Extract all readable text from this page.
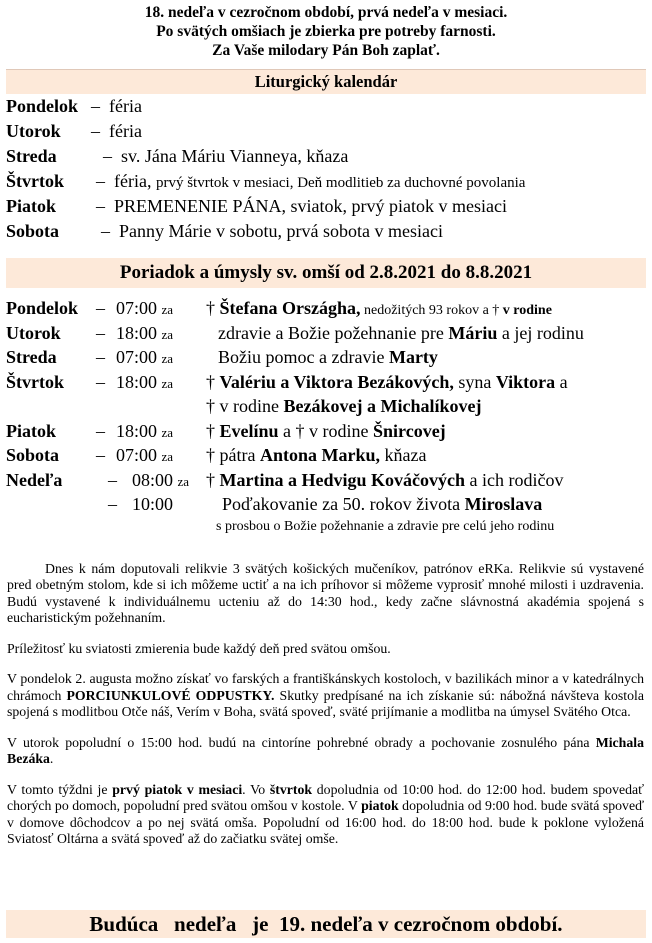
18. nedeľa v cezročnom období, prvá nedeľa v mesiaci.
Po svätých omšiach je zbierka pre potreby farnosti.
Za Vaše milodary Pán Boh zaplať.
Liturgický kalendár
Pondelok – féria
Utorok – féria
Streda	– sv. Jána Máriu Vianneya, kňaza
Štvrtok – féria, prvý štvrtok v mesiaci, Deň modlitieb za duchovné povolania
Piatok – PREMENENIE PÁNA, sviatok, prvý piatok v mesiaci
Sobota – Panny Márie v sobotu, prvá sobota v mesiaci
Poriadok a úmysly sv. omší od 2.8.2021 do 8.8.2021
Pondelok – 07:00 za † Štefana Országha, nedožitých 93 rokov a † v rodine
Utorok – 18:00 za zdravie a Božie požehnanie pre Máriu a jej rodinu
Streda – 07:00 za Božiu pomoc a zdravie Marty
Štvrtok – 18:00 za † Valériu a Viktora Bezákových, syna Viktora a
† v rodine Bezákovej a Michalíkovej
Piatok – 18:00 za † Evelínu a † v rodine Šnircovej
Sobota – 07:00 za † pátra Antona Marku, kňaza
Nedeľa	– 08:00 za † Martina a Hedvigu Kováčových a ich rodičov
– 10:00	Poďakovanie za 50. rokov života Miroslava
s prosbou o Božie požehnanie a zdravie pre celú jeho rodinu
Dnes k nám doputovali relikvie 3 svätých košických mučeníkov, patrónov eRKa. Relikvie sú vystavené pred obetným stolom, kde si ich môžeme uctiť a na ich príhovor si môžeme vyprosiť mnohé milosti i uzdravenia. Budú vystavené k individuálnemu ucteniu až do 14:30 hod., kedy začne slávnostná akadémia spojená s eucharistickým požehnaním.
Príležitosť ku sviatosti zmierenia bude každý deň pred svätou omšou.
V pondelok 2. augusta možno získať vo farských a františkánskych kostoloch, v bazilikách minor a v katedrálnych chrámoch PORCIUNKULOVÉ ODPUSTKY. Skutky predpísané na ich získanie sú: nábožná návšteva kostola spojená s modlitbou Otče náš, Verím v Boha, svätá spoveď, sväté prijímanie a modlitba na úmysel Svätého Otca.
V utorok popoludní o 15:00 hod. budú na cintoríne pohrebné obrady a pochovanie zosnulého pána Michala Bezáka.
V tomto týždni je prvý piatok v mesiaci. Vo štvrtok dopoludnia od 10:00 hod. do 12:00 hod. budem spovedať chorých po domoch, popoludní pred svätou omšou v kostole. V piatok dopoludnia od 9:00 hod. bude svätá spoveď v domove dôchodcov a po nej svätá omša. Popoludní od 16:00 hod. do 18:00 hod. bude k poklone vyložená Sviatosť Oltárna a svätá spoveď až do začiatku svätej omše.
Budúca   nedeľa   je  19. nedeľa v cezročnom období.
